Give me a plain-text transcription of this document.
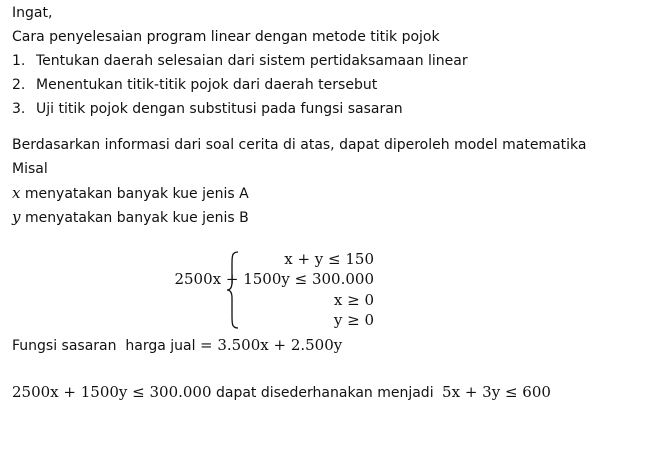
Ingat,
Cara penyelesaian program linear dengan metode titik pojok
1. Tentukan daerah selesaian dari sistem pertidaksamaan linear
2. Menentukan titik-titik pojok dari daerah tersebut
3. Uji titik pojok dengan substitusi pada fungsi sasaran
Berdasarkan informasi dari soal cerita di atas, dapat diperoleh model matematika
Misal
x menyatakan banyak kue jenis A
y menyatakan banyak kue jenis B
x + y ≤ 150
2500x + 1500y ≤ 300.000
x ≥ 0
y ≥ 0
Fungsi sasaran  harga jual = 3.500x + 2.500y
2500x + 1500y ≤ 300.000 dapat disederhanakan menjadi 5x + 3y ≤ 600
